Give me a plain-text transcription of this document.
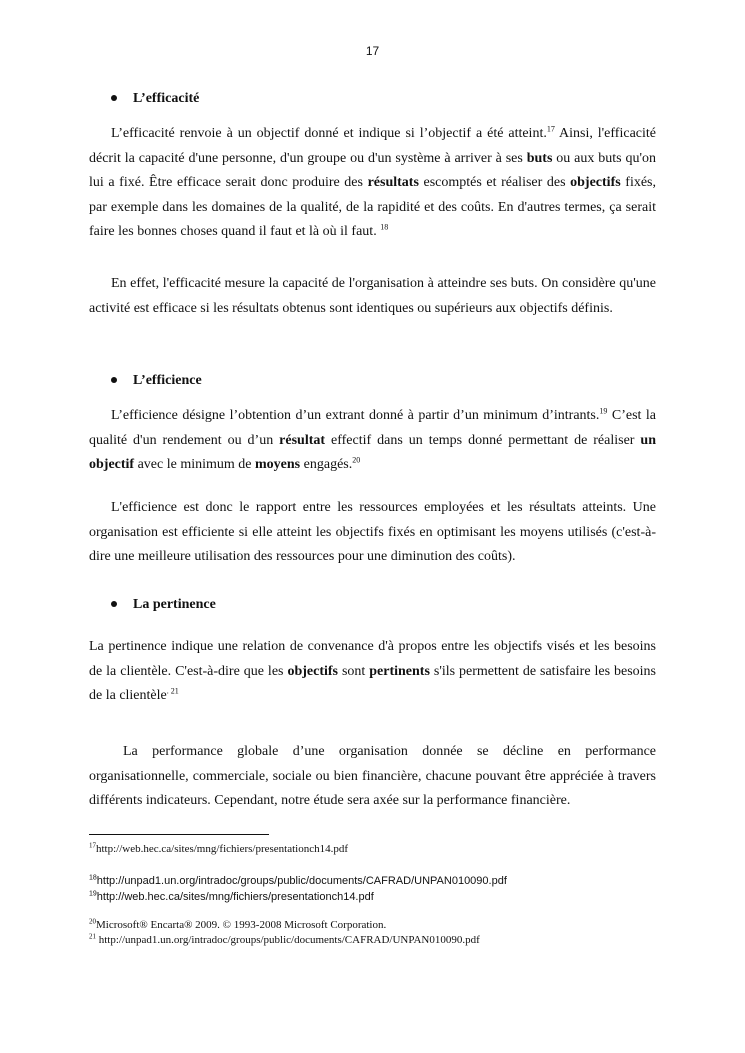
17
L’efficacité

L’efficacité renvoie à un objectif donné et indique si l’objectif a été atteint.$^{17}$ Ainsi, l'efficacité décrit la capacité d'une personne, d'un groupe ou d'un système à arriver à ses buts ou aux buts qu'on lui a fixé. Être efficace serait donc produire des résultats escomptés et réaliser des objectifs fixés, par exemple dans les domaines de la qualité, de la rapidité et des coûts. En d'autres termes, ça serait faire les bonnes choses quand il faut et là où il faut. $^{18}$

En effet, l'efficacité mesure la capacité de l'organisation à atteindre ses buts. On considère qu'une activité est efficace si les résultats obtenus sont identiques ou supérieurs aux objectifs définis.

L’efficience

L’efficience désigne l’obtention d’un extrant donné à partir d’un minimum d’intrants.$^{19}$ C’est la qualité d'un rendement ou d’un résultat effectif dans un temps donné permettant de réaliser un objectif avec le minimum de moyens engagés.$^{20}$

L'efficience est donc le rapport entre les ressources employées et les résultats atteints. Une organisation est efficiente si elle atteint les objectifs fixés en optimisant les moyens utilisés (c'est-à-dire une meilleure utilisation des ressources pour une diminution des coûts).

La pertinence

La pertinence indique une relation de convenance d'à propos entre les objectifs visés et les besoins de la clientèle. C'est-à-dire que les objectifs sont pertinents s'ils permettent de satisfaire les besoins de la clientèle$^{. 21}$

La performance globale d’une organisation donnée se décline en performance organisationnelle, commerciale, sociale ou bien financière, chacune pouvant être appréciée à travers différents indicateurs. Cependant, notre étude sera axée sur la performance financière.

$^{17}$http://web.hec.ca/sites/mng/fichiers/presentationch14.pdf
$^{18}$http://unpad1.un.org/intradoc/groups/public/documents/CAFRAD/UNPAN010090.pdf
$^{19}$http://web.hec.ca/sites/mng/fichiers/presentationch14.pdf
$^{20}$Microsoft® Encarta® 2009. © 1993-2008 Microsoft Corporation.
$^{21}$ http://unpad1.un.org/intradoc/groups/public/documents/CAFRAD/UNPAN010090.pdf
